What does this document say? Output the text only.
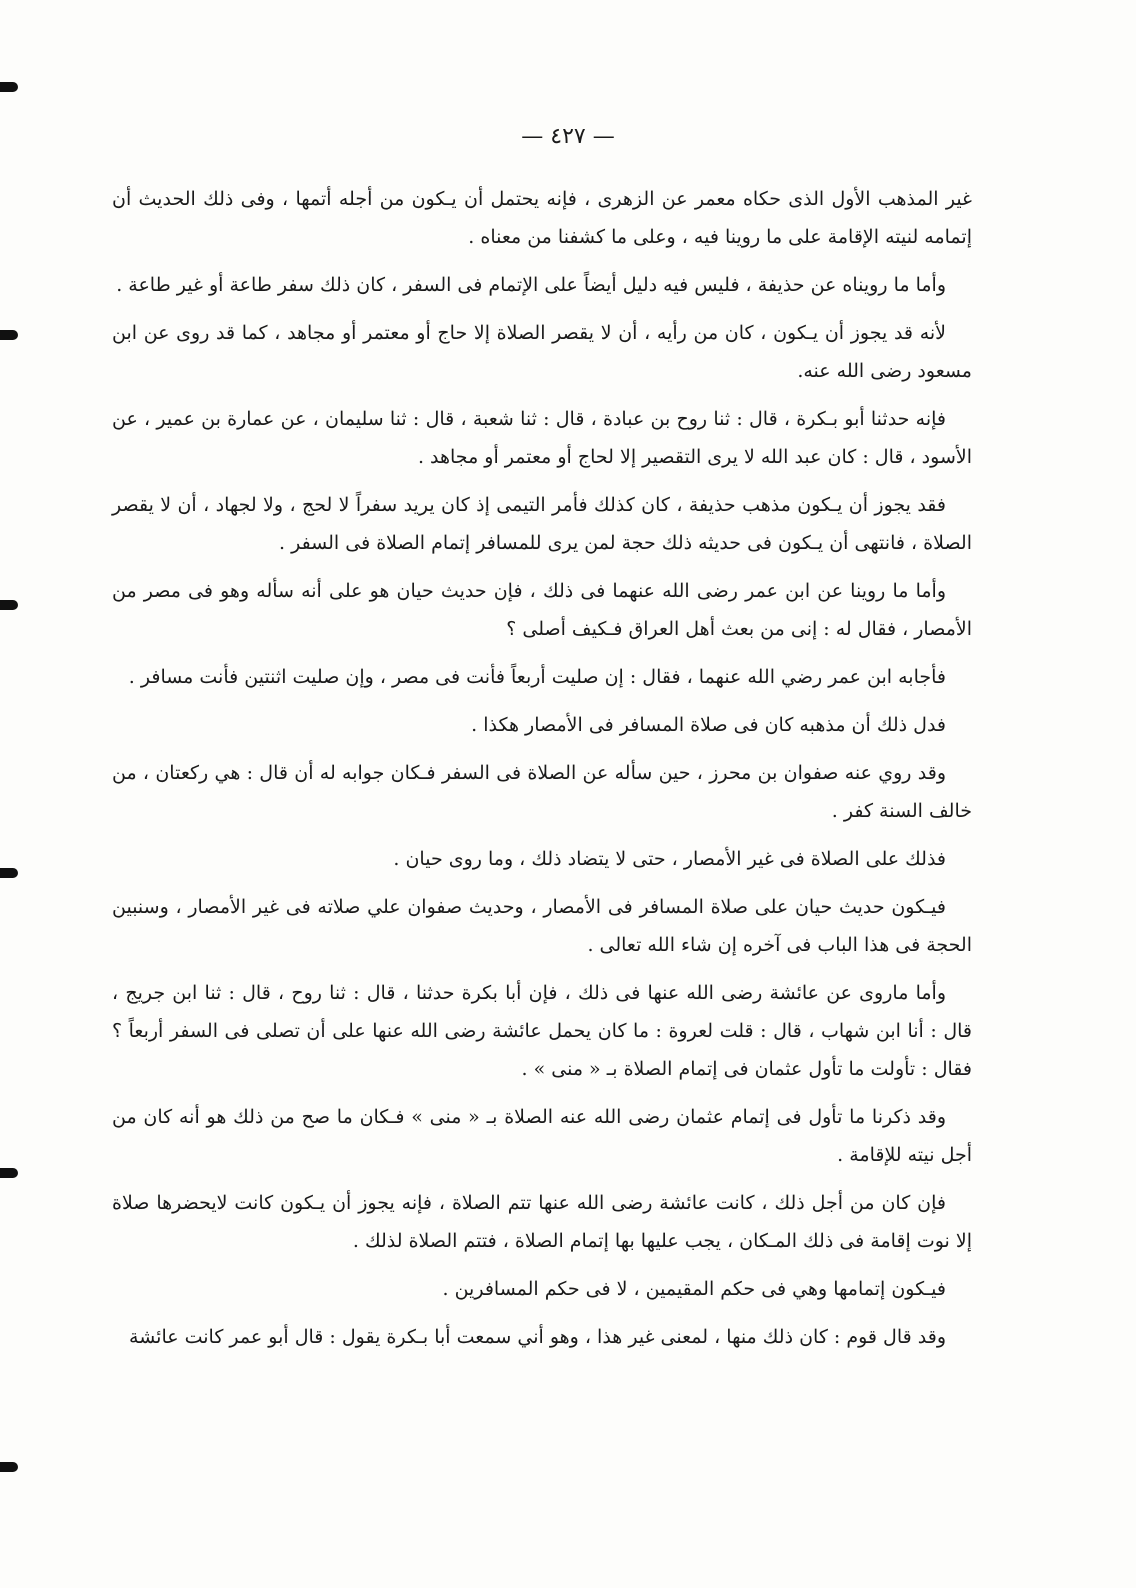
— ٤٢٧ —

غير المذهب الأول الذى حكاه معمر عن الزهرى ، فإنه يحتمل أن يـكون من أجله أتمها ، وفى ذلك الحديث أن إتمامه لنيته الإقامة على ما روينا فيه ، وعلى ما كشفنا من معناه .

وأما ما رويناه عن حذيفة ، فليس فيه دليل أيضاً على الإتمام فى السفر ، كان ذلك سفر طاعة أو غير طاعة .

لأنه قد يجوز أن يـكون ، كان من رأيه ، أن لا يقصر الصلاة إلا حاج أو معتمر أو مجاهد ، كما قد روى عن ابن مسعود رضى الله عنه.

فإنه حدثنا أبو بـكرة ، قال : ثنا روح بن عبادة ، قال : ثنا شعبة ، قال : ثنا سليمان ، عن عمارة بن عمير ، عن الأسود ، قال : كان عبد الله لا يرى التقصير إلا لحاج أو معتمر أو مجاهد .

فقد يجوز أن يـكون مذهب حذيفة ، كان كذلك فأمر التيمى إذ كان يريد سفراً لا لحج ، ولا لجهاد ، أن لا يقصر الصلاة ، فانتهى أن يـكون فى حديثه ذلك حجة لمن يرى للمسافر إتمام الصلاة فى السفر .

وأما ما روينا عن ابن عمر رضى الله عنهما فى ذلك ، فإن حديث حيان هو على أنه سأله وهو فى مصر من الأمصار ، فقال له : إنى من بعث أهل العراق فـكيف أصلى ؟

فأجابه ابن عمر رضي الله عنهما ، فقال : إن صليت أربعاً فأنت فى مصر ، وإن صليت اثنتين فأنت مسافر .

فدل ذلك أن مذهبه كان فى صلاة المسافر فى الأمصار هكذا .

وقد روي عنه صفوان بن محرز ، حين سأله عن الصلاة فى السفر فـكان جوابه له أن قال : هي ركعتان ، من خالف السنة كفر .

فذلك على الصلاة فى غير الأمصار ، حتى لا يتضاد ذلك ، وما روى حيان .

فيـكون حديث حيان على صلاة المسافر فى الأمصار ، وحديث صفوان علي صلاته فى غير الأمصار ، وسنبين الحجة فى هذا الباب فى آخره إن شاء الله تعالى .

وأما ماروى عن عائشة رضى الله عنها فى ذلك ، فإن أبا بكرة حدثنا ، قال : ثنا روح ، قال : ثنا ابن جريج ، قال : أنا ابن شهاب ، قال : قلت لعروة : ما كان يحمل عائشة رضى الله عنها على أن تصلى فى السفر أربعاً ؟ فقال : تأولت ما تأول عثمان فى إتمام الصلاة بـ « منى » .

وقد ذكرنا ما تأول فى إتمام عثمان رضى الله عنه الصلاة بـ « منى » فـكان ما صح من ذلك هو أنه كان من أجل نيته للإقامة .

فإن كان من أجل ذلك ، كانت عائشة رضى الله عنها تتم الصلاة ، فإنه يجوز أن يـكون كانت لايحضرها صلاة إلا نوت إقامة فى ذلك المـكان ، يجب عليها بها إتمام الصلاة ، فتتم الصلاة لذلك .

فيـكون إتمامها وهي فى حكم المقيمين ، لا فى حكم المسافرين .

وقد قال قوم : كان ذلك منها ، لمعنى غير هذا ، وهو أني سمعت أبا بـكرة يقول : قال أبو عمر كانت عائشة
